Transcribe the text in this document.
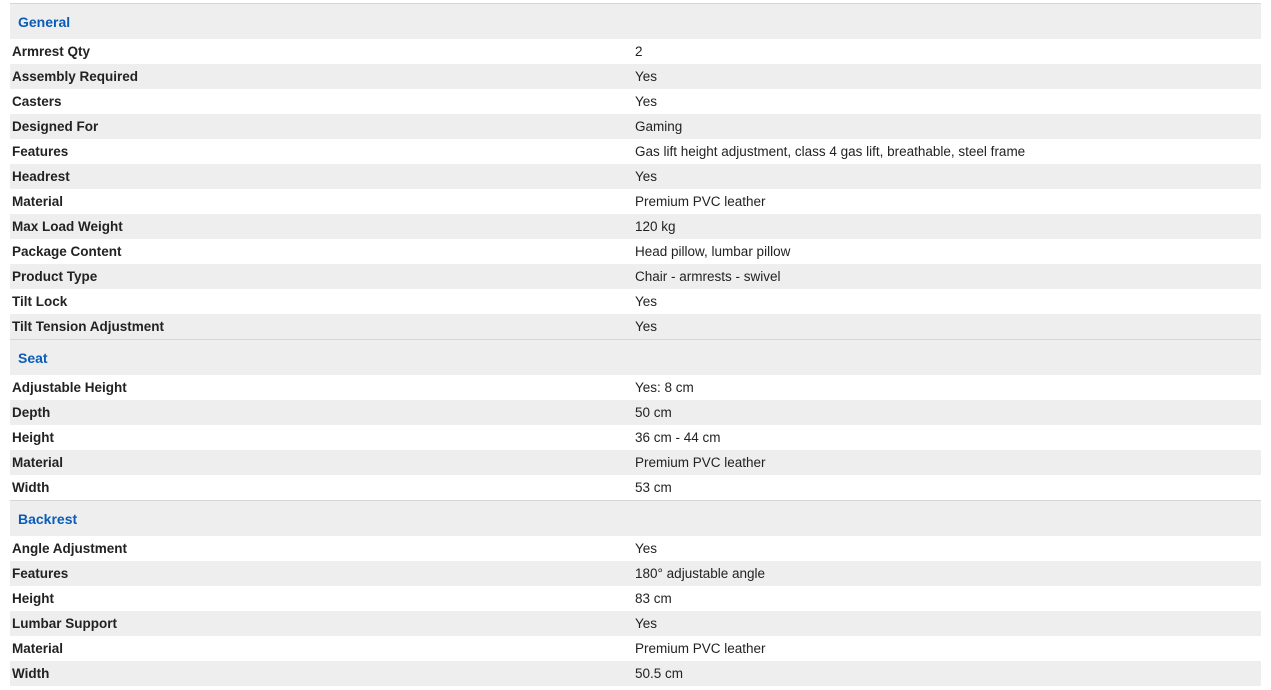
General
Armrest Qty	2
Assembly Required	Yes
Casters	Yes
Designed For	Gaming
Features	Gas lift height adjustment, class 4 gas lift, breathable, steel frame
Headrest	Yes
Material	Premium PVC leather
Max Load Weight	120 kg
Package Content	Head pillow, lumbar pillow
Product Type	Chair - armrests - swivel
Tilt Lock	Yes
Tilt Tension Adjustment	Yes
Seat
Adjustable Height	Yes: 8 cm
Depth	50 cm
Height	36 cm - 44 cm
Material	Premium PVC leather
Width	53 cm
Backrest
Angle Adjustment	Yes
Features	180° adjustable angle
Height	83 cm
Lumbar Support	Yes
Material	Premium PVC leather
Width	50.5 cm
